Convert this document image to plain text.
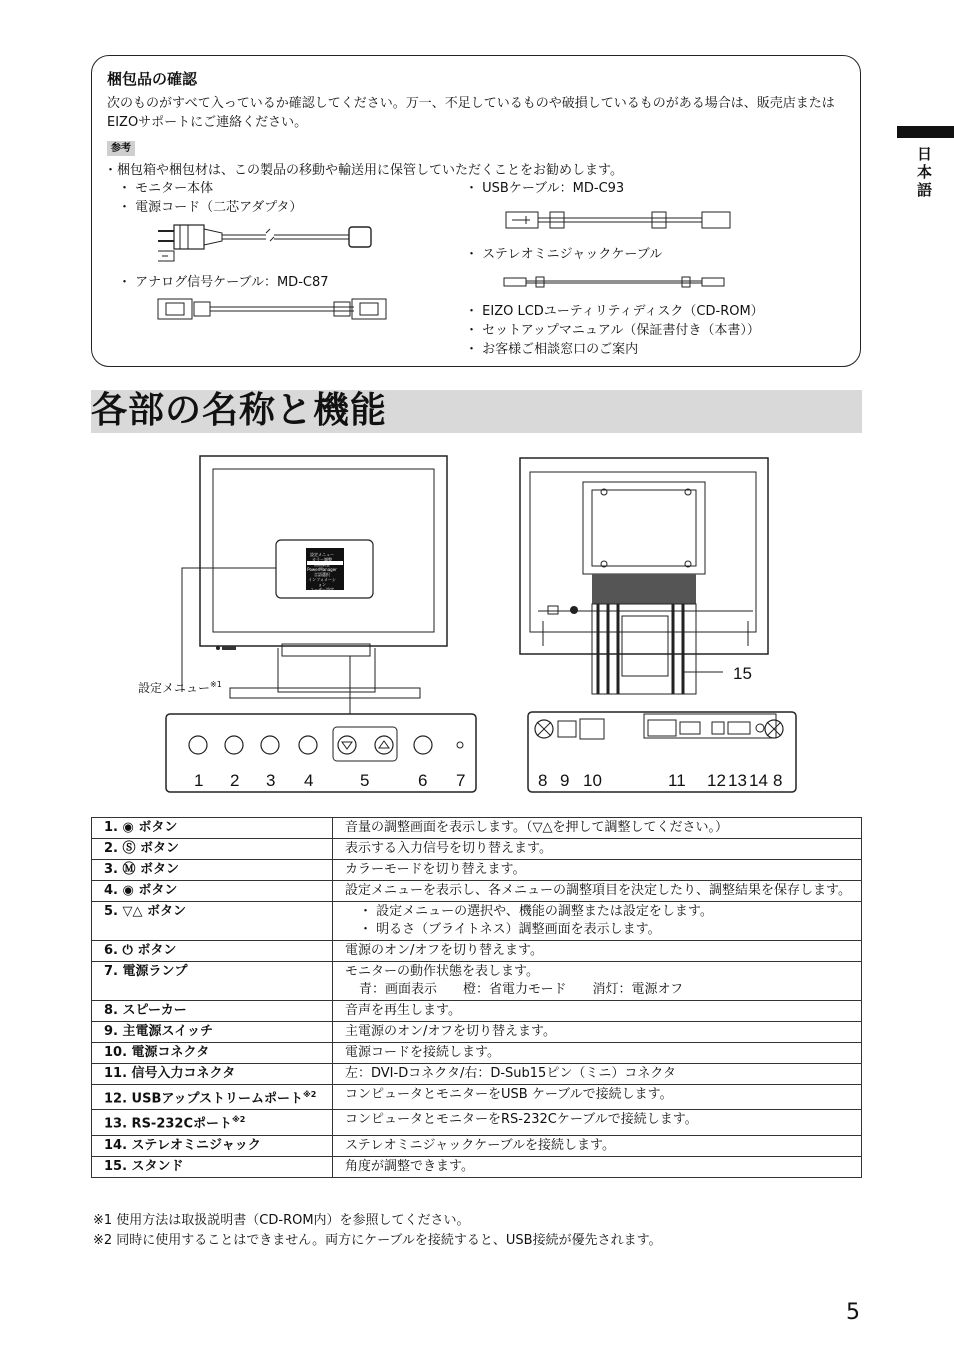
日本語
梱包品の確認
次のものがすべて入っているか確認してください。万一、不足しているものや破損しているものがある場合は、販売店またはEIZOサポートにご連絡ください。
参考
・梱包箱や梱包材は、この製品の移動や輸送用に保管していただくことをお勧めします。
・ モニター本体
・ 電源コード（二芯アダプタ）
・ アナログ信号ケーブル：MD-C87
・ USBケーブル：MD-C93
・ ステレオミニジャックケーブル
・ EIZO LCDユーティリティディスク（CD-ROM）
・ セットアップマニュアル（保証書付き（本書））
・ お客様ご相談窓口のご案内
各部の名称と機能
設定メニュー
カラー調整
画面調整
PowerManager
言語選択
インフォメーション
ユーザー設定
設定メニュー$^{※1}$
1 2 3 4	5	6 7
15
8 9 10	11 12 13 14 8
1. ◉ ボタン	音量の調整画面を表示します。（▽△を押して調整してください。）

2. Ⓢ ボタン	表示する入力信号を切り替えます。

3. Ⓜ ボタン	カラーモードを切り替えます。

4. ◉ ボタン	設定メニューを表示し、各メニューの調整項目を決定したり、調整結果を保存します。

5. ▽△ ボタン	・ 設定メニューの選択や、機能の調整または設定をします。
・ 明るさ（ブライトネス）調整画面を表示します。

6. ⏻ ボタン	電源のオン/オフを切り替えます。

7. 電源ランプ	モニターの動作状態を表します。
青：画面表示　　橙：省電力モード　　消灯：電源オフ

8. スピーカー	音声を再生します。

9. 主電源スイッチ	主電源のオン/オフを切り替えます。

10. 電源コネクタ	電源コードを接続します。

11. 信号入力コネクタ	左：DVI-Dコネクタ/右：D-Sub15ピン（ミニ）コネクタ

12. USBアップストリームポート$^{※2}$	コンピュータとモニターをUSB ケーブルで接続します。

13. RS-232Cポート$^{※2}$	コンピュータとモニターをRS-232Cケーブルで接続します。

14. ステレオミニジャック	ステレオミニジャックケーブルを接続します。

15. スタンド	角度が調整できます。
※1 使用方法は取扱説明書（CD-ROM内）を参照してください。
※2 同時に使用することはできません。両方にケーブルを接続すると、USB接続が優先されます。
5
